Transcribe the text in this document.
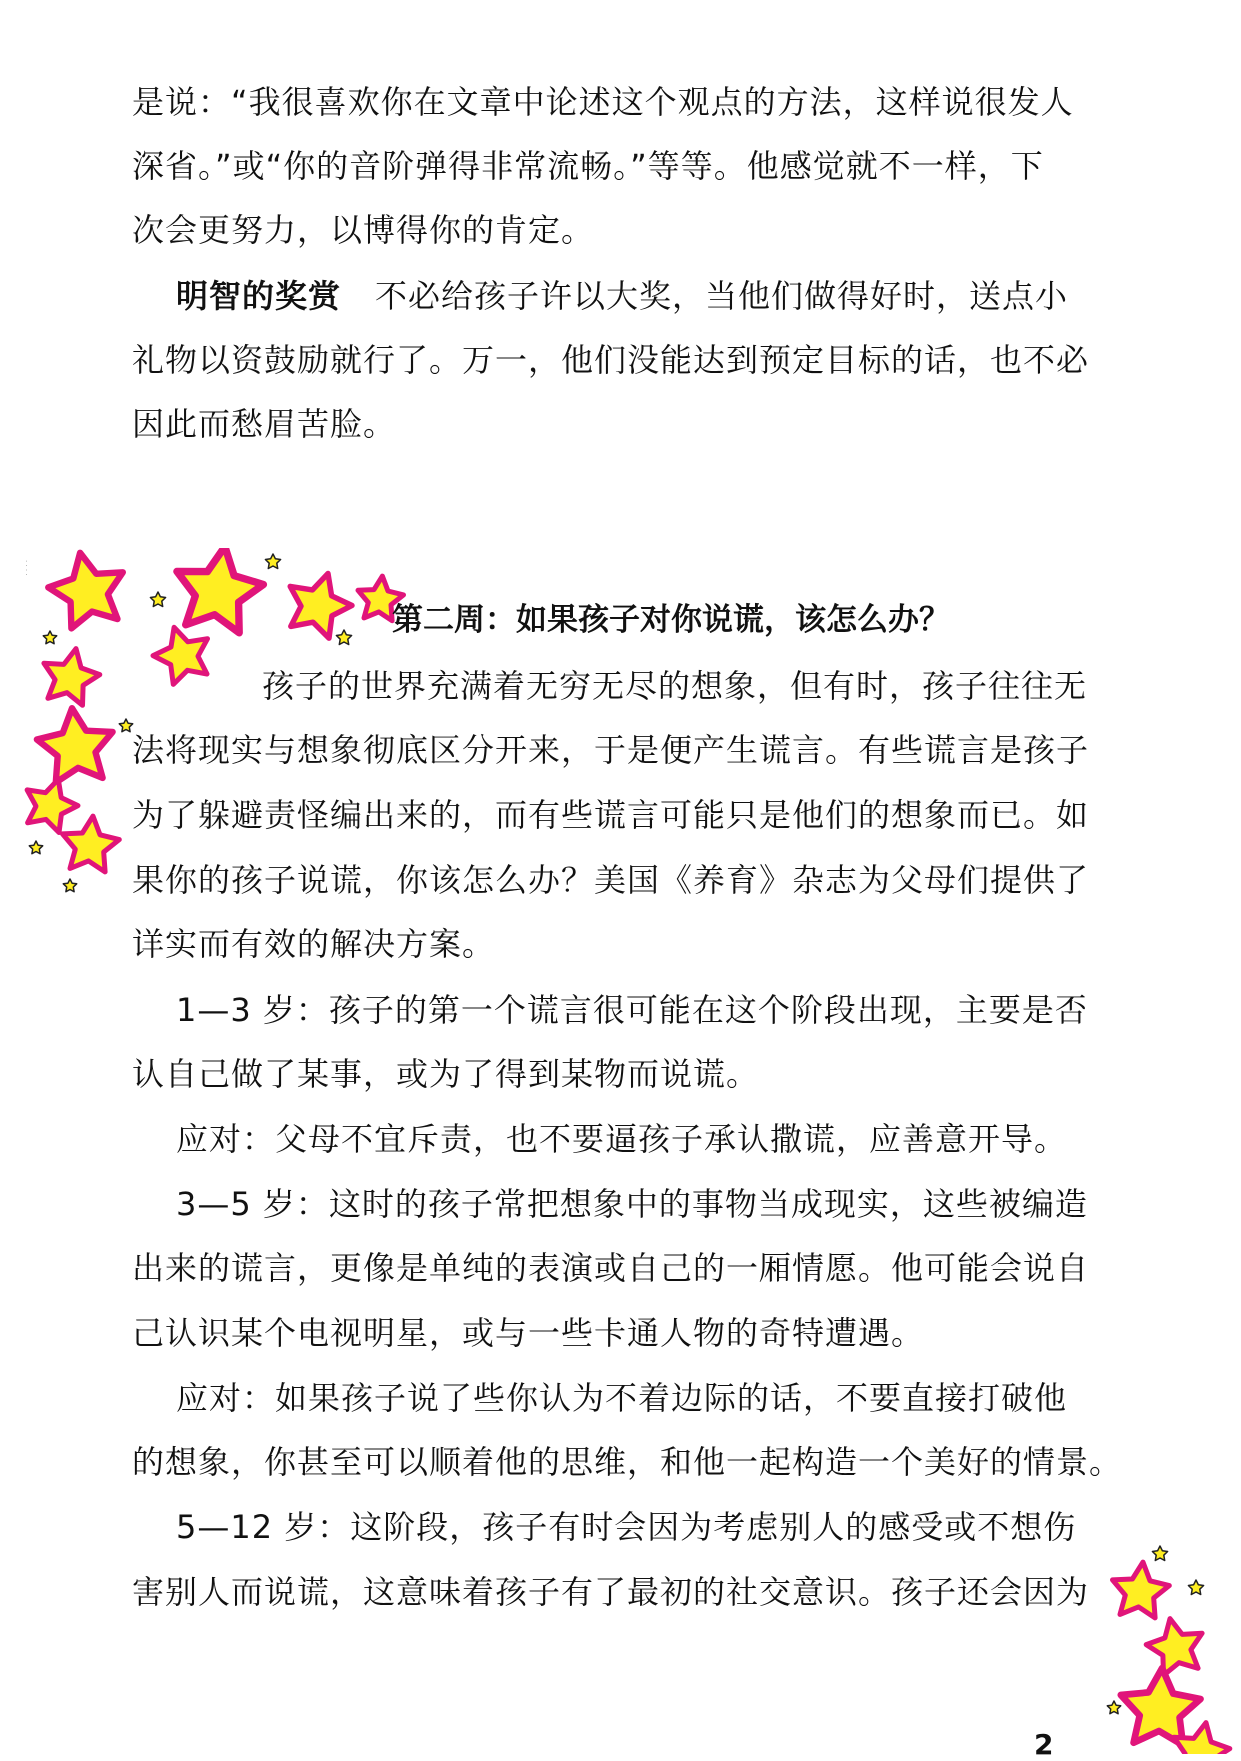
是说：“我很喜欢你在文章中论述这个观点的方法，这样说很发人

深省。”或“你的音阶弹得非常流畅。”等等。他感觉就不一样，下

次会更努力，以博得你的肯定。

明智的奖赏 不必给孩子许以大奖，当他们做得好时，送点小

礼物以资鼓励就行了。万一，他们没能达到预定目标的话，也不必

因此而愁眉苦脸。

· · · ·

第二周：如果孩子对你说谎，该怎么办？

孩子的世界充满着无穷无尽的想象，但有时，孩子往往无

法将现实与想象彻底区分开来，于是便产生谎言。有些谎言是孩子

为了躲避责怪编出来的，而有些谎言可能只是他们的想象而已。如

果你的孩子说谎，你该怎么办？美国《养育》杂志为父母们提供了

详实而有效的解决方案。

1—3 岁：孩子的第一个谎言很可能在这个阶段出现，主要是否

认自己做了某事，或为了得到某物而说谎。

应对：父母不宜斥责，也不要逼孩子承认撒谎，应善意开导。

3—5 岁：这时的孩子常把想象中的事物当成现实，这些被编造

出来的谎言，更像是单纯的表演或自己的一厢情愿。他可能会说自

己认识某个电视明星，或与一些卡通人物的奇特遭遇。

应对：如果孩子说了些你认为不着边际的话，不要直接打破他

的想象，你甚至可以顺着他的思维，和他一起构造一个美好的情景。

5—12 岁：这阶段，孩子有时会因为考虑别人的感受或不想伤

害别人而说谎，这意味着孩子有了最初的社交意识。孩子还会因为

2
